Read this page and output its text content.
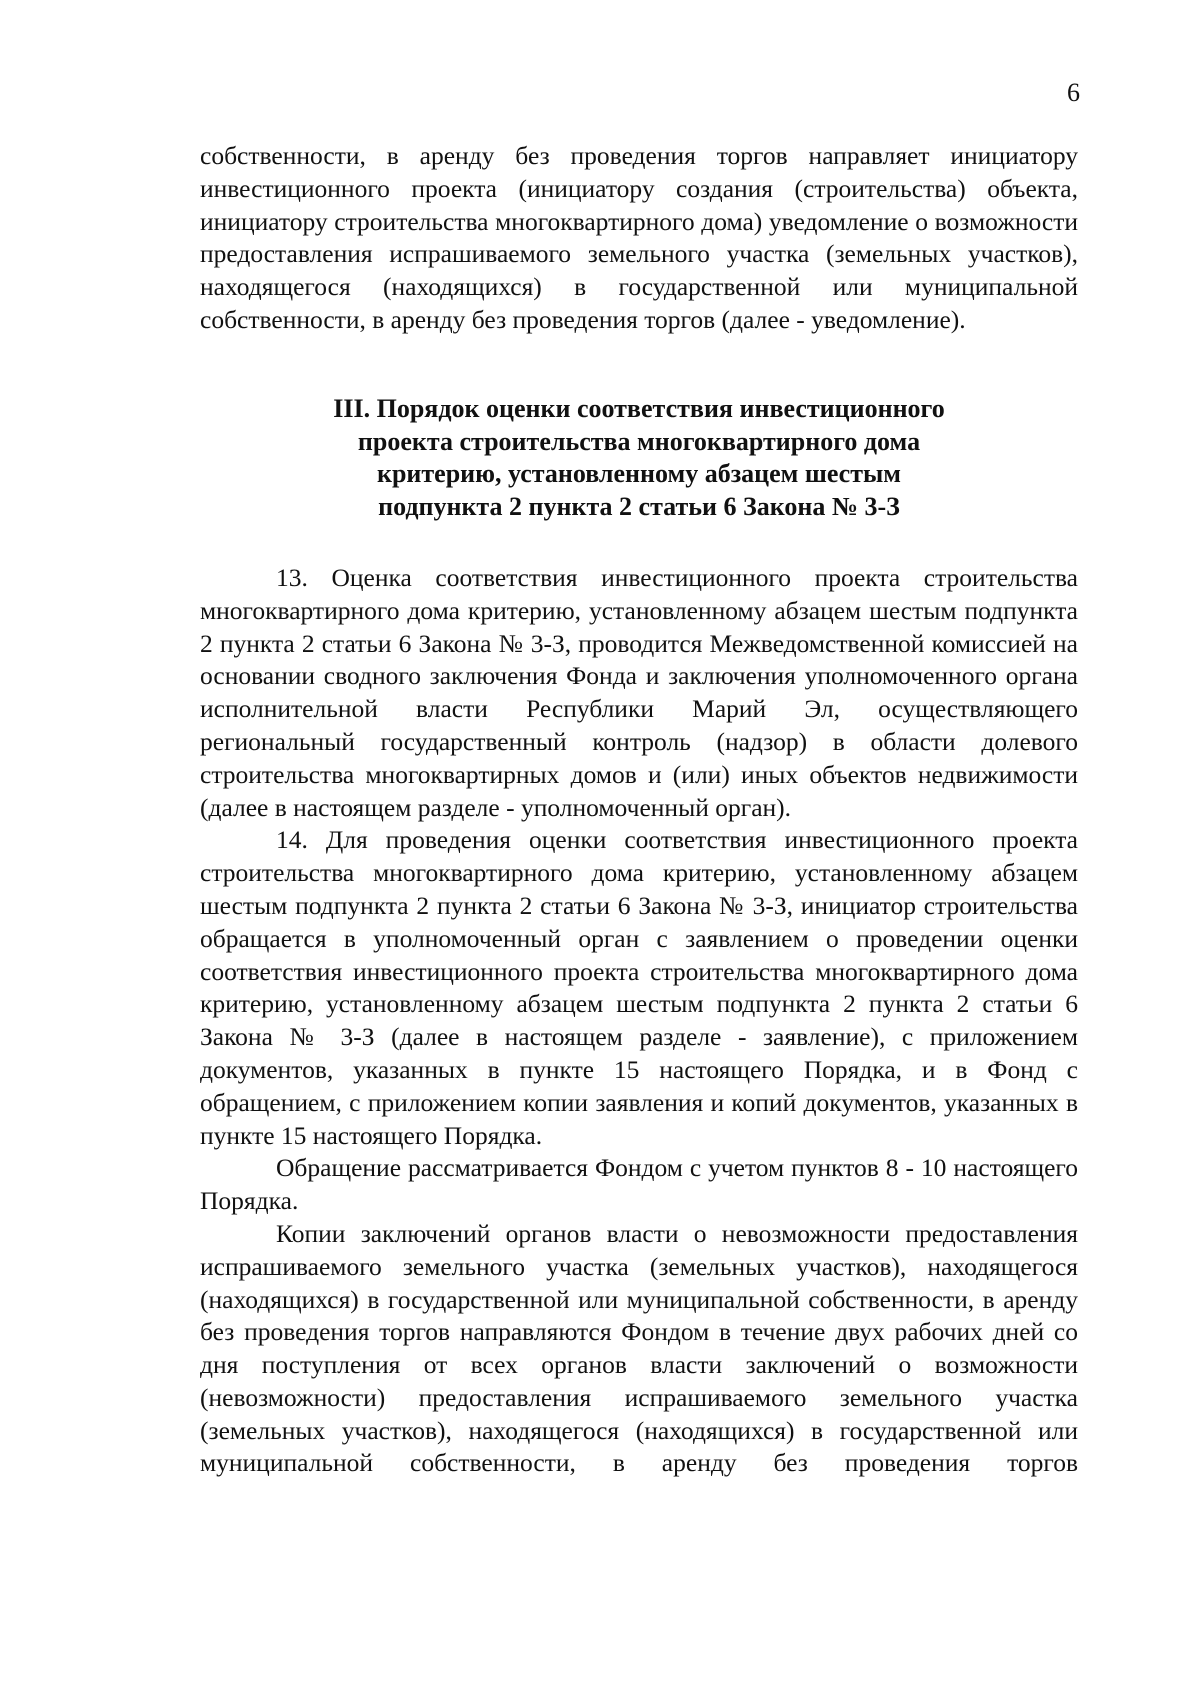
6

собственности, в аренду без проведения торгов направляет инициатору инвестиционного проекта (инициатору создания (строительства) объекта, инициатору строительства многоквартирного дома) уведомление о возможности предоставления испрашиваемого земельного участка (земельных участков), находящегося (находящихся) в государственной или муниципальной собственности, в аренду без проведения торгов (далее - уведомление).

III. Порядок оценки соответствия инвестиционного
проекта строительства многоквартирного дома
критерию, установленному абзацем шестым
подпункта 2 пункта 2 статьи 6 Закона № 3-З

13. Оценка соответствия инвестиционного проекта строительства многоквартирного дома критерию, установленному абзацем шестым подпункта 2 пункта 2 статьи 6 Закона № 3-З, проводится Межведомственной комиссией на основании сводного заключения Фонда и заключения уполномоченного органа исполнительной власти Республики Марий Эл, осуществляющего региональный государственный контроль (надзор) в области долевого строительства многоквартирных домов и (или) иных объектов недвижимости (далее в настоящем разделе - уполномоченный орган).

14. Для проведения оценки соответствия инвестиционного проекта строительства многоквартирного дома критерию, установленному абзацем шестым подпункта 2 пункта 2 статьи 6 Закона № 3-З, инициатор строительства обращается в уполномоченный орган с заявлением о проведении оценки соответствия инвестиционного проекта строительства многоквартирного дома критерию, установленному абзацем шестым подпункта 2 пункта 2 статьи 6 Закона № 3-З (далее в настоящем разделе - заявление), с приложением документов, указанных в пункте 15 настоящего Порядка, и в Фонд с обращением, с приложением копии заявления и копий документов, указанных в пункте 15 настоящего Порядка.

Обращение рассматривается Фондом с учетом пунктов 8 - 10 настоящего Порядка.

Копии заключений органов власти о невозможности предоставления испрашиваемого земельного участка (земельных участков), находящегося (находящихся) в государственной или муниципальной собственности, в аренду без проведения торгов направляются Фондом в течение двух рабочих дней со дня поступления от всех органов власти заключений о возможности (невозможности) предоставления испрашиваемого земельного участка (земельных участков), находящегося (находящихся) в государственной или муниципальной собственности, в аренду без проведения торгов
